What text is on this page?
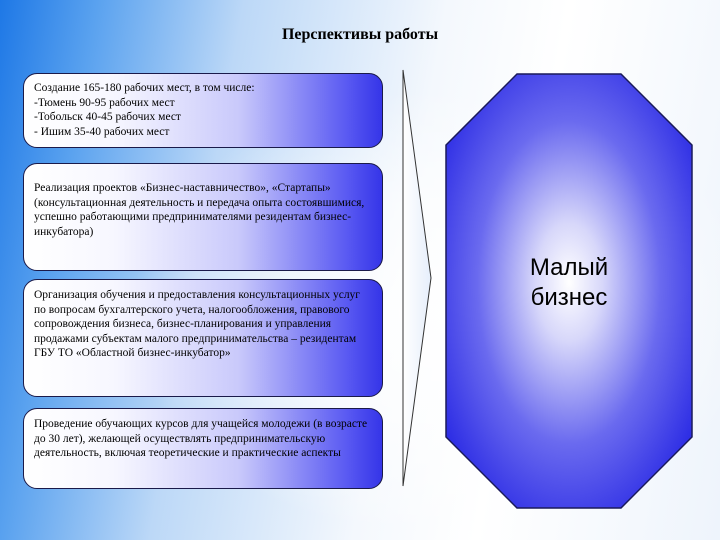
Перспективы работы
Создание 165-180 рабочих мест, в том числе:
-Тюмень 90-95 рабочих мест
-Тобольск 40-45 рабочих мест
- Ишим 35-40 рабочих мест
Реализация проектов «Бизнес-наставничество», «Стартапы» (консультационная деятельность и передача опыта состоявшимися, успешно работающими предпринимателями резидентам бизнес-инкубатора)
Организация обучения и предоставления консультационных услуг по вопросам бухгалтерского учета, налогообложения, правового сопровождения бизнеса, бизнес-планирования и управления продажами субъектам малого предпринимательства – резидентам ГБУ ТО «Областной бизнес-инкубатор»
Проведение обучающих курсов для учащейся молодежи (в возрасте до 30 лет), желающей осуществлять предпринимательскую деятельность, включая теоретические и практические аспекты
Малый
бизнес
